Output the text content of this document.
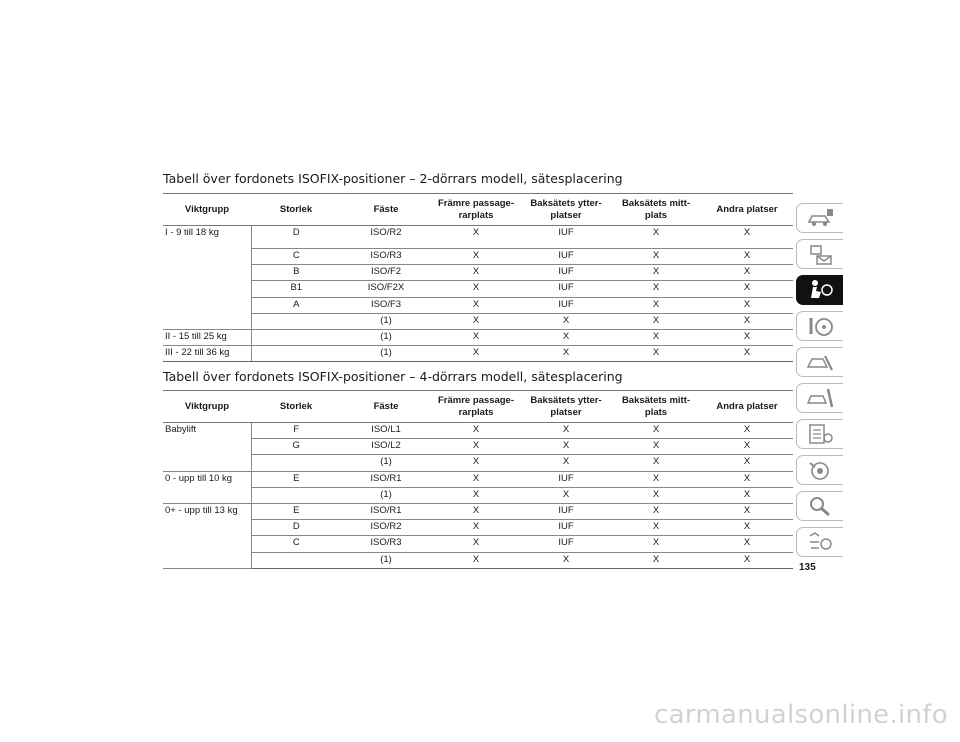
Tabell över fordonets ISOFIX-positioner – 2-dörrars modell, sätesplacering
Viktgrupp	Storlek	Fäste	Främre passage-rarplats	Baksätets ytter-platser	Baksätets mitt-plats	Andra platser
I - 9 till 18 kg	D	ISO/R2	X	IUF	X	X
	C	ISO/R3	X	IUF	X	X
	B	ISO/F2	X	IUF	X	X
	B1	ISO/F2X	X	IUF	X	X
	A	ISO/F3	X	IUF	X	X
		(1)	X	X	X	X
II - 15 till 25 kg		(1)	X	X	X	X
III - 22 till 36 kg		(1)	X	X	X	X
Tabell över fordonets ISOFIX-positioner – 4-dörrars modell, sätesplacering
Viktgrupp	Storlek	Fäste	Främre passage-rarplats	Baksätets ytter-platser	Baksätets mitt-plats	Andra platser
Babylift	F	ISO/L1	X	X	X	X
	G	ISO/L2	X	X	X	X
		(1)	X	X	X	X
0 - upp till 10 kg	E	ISO/R1	X	IUF	X	X
		(1)	X	X	X	X
0+ - upp till 13 kg	E	ISO/R1	X	IUF	X	X
	D	ISO/R2	X	IUF	X	X
	C	ISO/R3	X	IUF	X	X
		(1)	X	X	X	X
135
carmanualsonline.info
